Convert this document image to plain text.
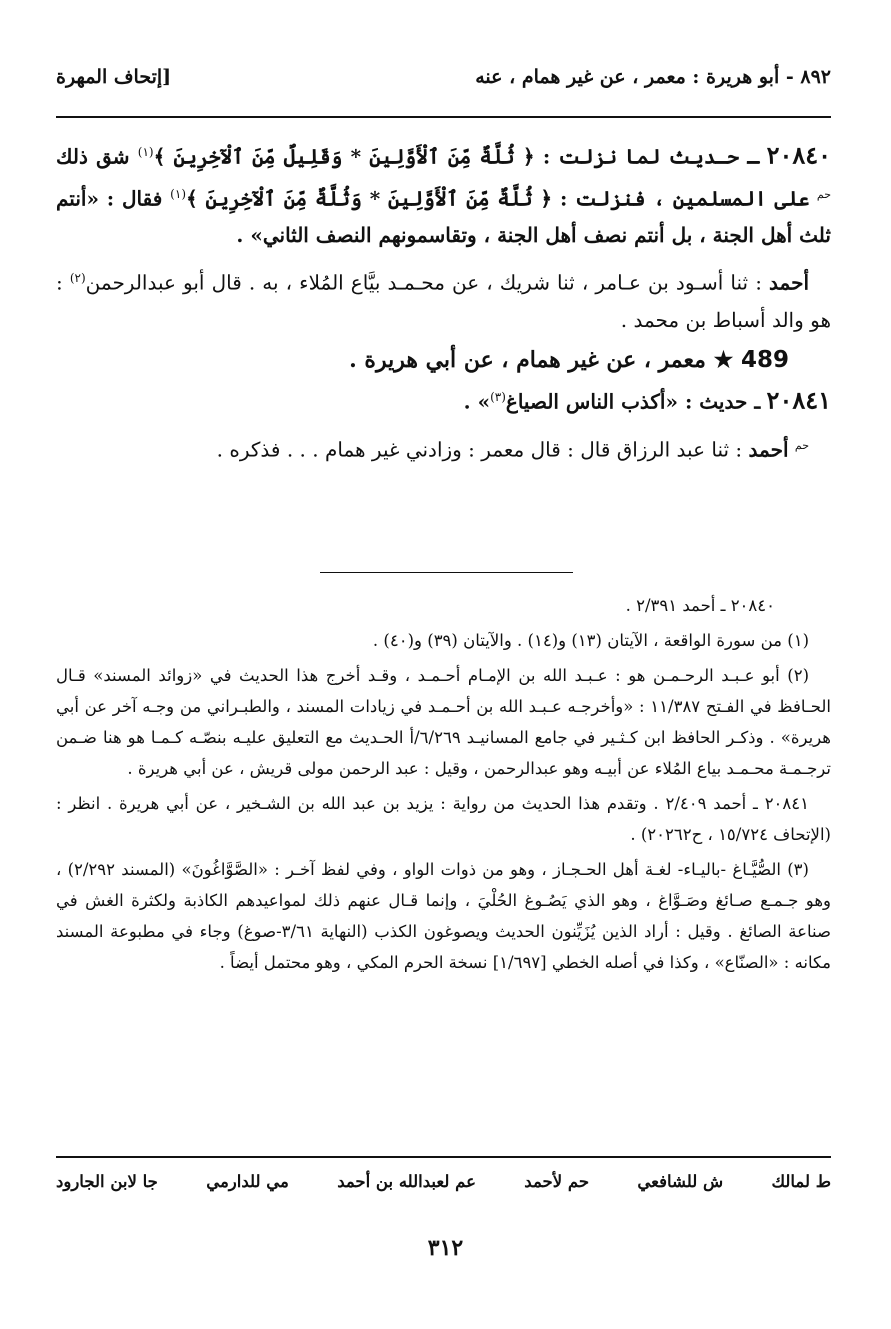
٨٩٢ - أبو هريرة : معمر ، عن غير همام ، عنه
[إتحاف المهرة

٢٠٨٤٠ ـ حـديث لما نزلت : ﴿ ثُلَّةٌ مِّنَ ٱلْأَوَّلِينَ * وَقَلِيلٌ مِّنَ ٱلْآخِرِينَ ﴾$^{(١)}$ شق ذلك $^{حم}$ على المسلمين ، فنزلت : ﴿ ثُلَّةٌ مِّنَ ٱلْأَوَّلِينَ * وَثُلَّةٌ مِّنَ ٱلْآخِرِينَ ﴾$^{(١)}$ فقال : «أنتم ثلث أهل الجنة ، بل أنتم نصف أهل الجنة ، وتقاسمونهم النصف الثاني» .

أحمد : ثنا أسـود بن عـامر ، ثنا شريك ، عن محـمـد بيَّاع المُلاء ، به . قال أبو عبدالرحمن$^{(٢)}$ : هو والد أسباط بن محمد .

489 ★ معمر ، عن غير همام ، عن أبي هريرة .

٢٠٨٤١ ـ حديث : «أكذب الناس الصياغ$^{(٣)}$» .

$^{حم}$ أحمد : ثنا عبد الرزاق قال : قال معمر : وزادني غير همام . . . فذكره .

٢٠٨٤٠ ـ أحمد ٢/٣٩١ .

(١) من سورة الواقعة ، الآيتان (١٣) و(١٤) . والآيتان (٣٩) و(٤٠) .

(٢) أبو عـبـد الرحـمـن هو : عـبـد الله بن الإمـام أحـمـد ، وقـد أخرج هذا الحديث في «زوائد المسند» قـال الحـافظ في الفـتح ١١/٣٨٧ : «وأخرجـه عـبـد الله بن أحـمـد في زيادات المسند ، والطبـراني من وجـه آخر عن أبي هريرة» . وذكـر الحافظ ابن كـثـير في جامع المسانيـد ٦/٢٦٩/أ الحـديث مع التعليق عليـه بنصّـه كـمـا هو هنا ضـمن ترجـمـة محـمـد بياع المُلاء عن أبيـه وهو عبدالرحمن ، وقيل : عبد الرحمن مولى قريش ، عن أبي هريرة .

٢٠٨٤١ ـ أحمد ٢/٤٠٩ . وتقدم هذا الحديث من رواية : يزيد بن عبد الله بن الشـخير ، عن أبي هريرة . انظر : (الإتحاف ١٥/٧٢٤ ، ح٢٠٢٦٢) .

(٣) الصُّيَّـاغ -باليـاء- لغـة أهل الحـجـاز ، وهو من ذوات الواو ، وفي لفظ آخـر : «الصَّوَّاغُونَ» (المسند ٢/٢٩٢) ، وهو جـمـع صـائغ وصَـوَّاغ ، وهو الذي يَصُـوغ الحُلْيَ ، وإنما قـال عنهم ذلك لمواعيدهم الكاذبة ولكثرة الغش في صناعة الصائغ . وقيل : أراد الذين يُزَيِّنون الحديث ويصوغون الكذب (النهاية ٣/٦١-صوغ) وجاء في مطبوعة المسند مكانه : «الصنّاع» ، وكذا في أصله الخطي [١/٦٩٧] نسخة الحرم المكي ، وهو محتمل أيضاً .

ط لمالك
ش للشافعي
حم لأحمد
عم لعبدالله بن أحمد
مي للدارمي
جا لابن الجارود
٣١٢
